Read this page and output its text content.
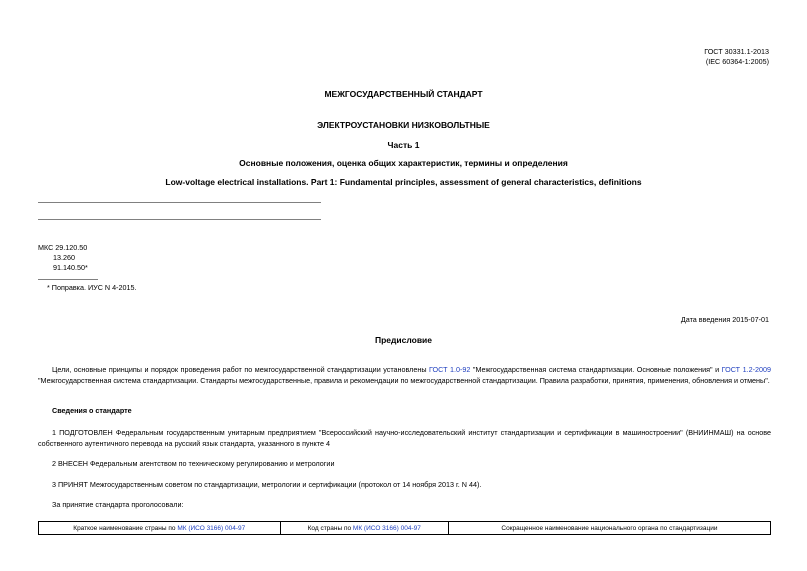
ГОСТ 30331.1-2013
(IEC 60364-1:2005)
МЕЖГОСУДАРСТВЕННЫЙ СТАНДАРТ
ЭЛЕКТРОУСТАНОВКИ НИЗКОВОЛЬТНЫЕ
Часть 1
Основные положения, оценка общих характеристик, термины и определения
Low-voltage electrical installations. Part 1: Fundamental principles, assessment of general characteristics, definitions
МКС 29.120.50
13.260
91.140.50*
* Поправка. ИУС N 4-2015.
Дата введения 2015-07-01
Предисловие
Цели, основные принципы и порядок проведения работ по межгосударственной стандартизации установлены ГОСТ 1.0-92 "Межгосударственная система стандартизации. Основные положения" и ГОСТ 1.2-2009 "Межгосударственная система стандартизации. Стандарты межгосударственные, правила и рекомендации по межгосударственной стандартизации. Правила разработки, принятия, применения, обновления и отмены".
Сведения о стандарте
1 ПОДГОТОВЛЕН Федеральным государственным унитарным предприятием "Всероссийский научно-исследовательский институт стандартизации и сертификации в машиностроении" (ВНИИНМАШ) на основе собственного аутентичного перевода на русский язык стандарта, указанного в пункте 4
2 ВНЕСЕН Федеральным агентством по техническому регулированию и метрологии
3 ПРИНЯТ Межгосударственным советом по стандартизации, метрологии и сертификации (протокол от 14 ноября 2013 г. N 44).
За принятие стандарта проголосовали:
Краткое наименование страны по МК (ИСО 3166) 004-97	Код страны по МК (ИСО 3166) 004-97	Сокращенное наименование национального органа по стандартизации
